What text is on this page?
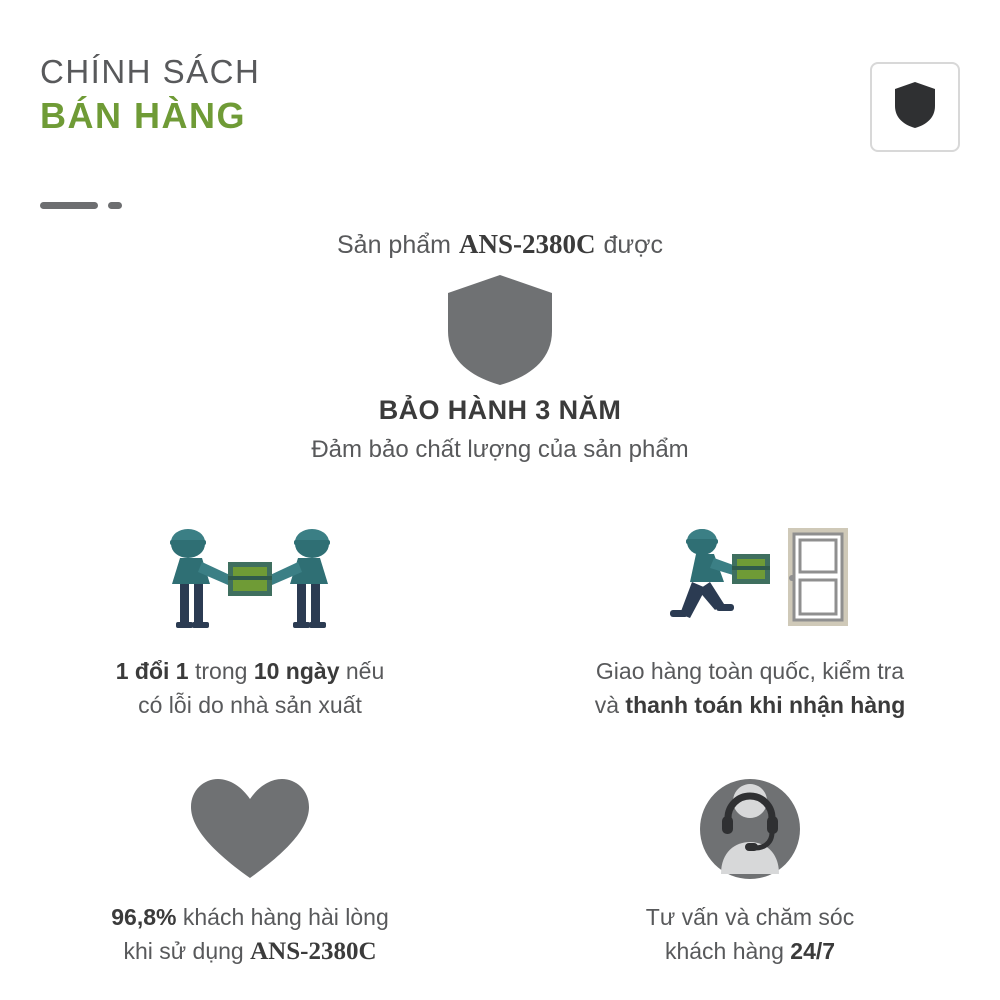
CHÍNH SÁCH
BÁN HÀNG
Sản phẩm ANS-2380C được
BẢO HÀNH 3 NĂM
Đảm bảo chất lượng của sản phẩm
1 đổi 1 trong 10 ngày nếu
có lỗi do nhà sản xuất
Giao hàng toàn quốc, kiểm tra
và thanh toán khi nhận hàng
96,8% khách hàng hài lòng
khi sử dụng ANS-2380C
Tư vấn và chăm sóc
khách hàng 24/7
